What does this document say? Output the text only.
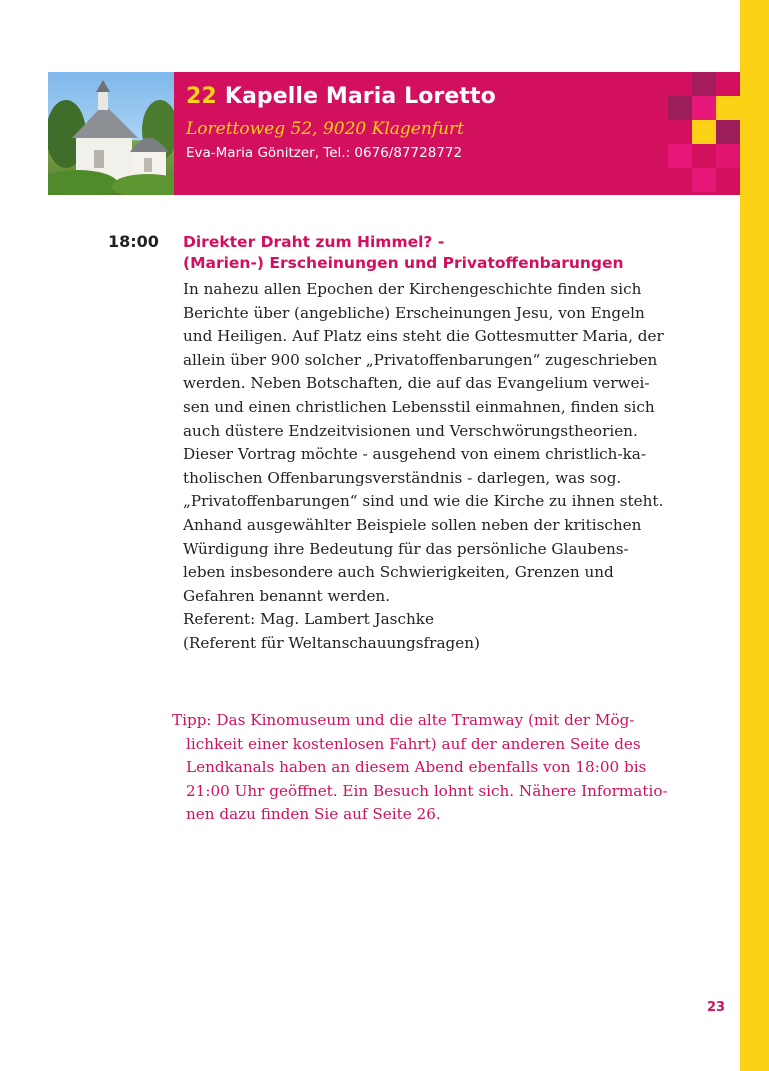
22 Kapelle Maria Loretto
Lorettoweg 52, 9020 Klagenfurt
Eva-Maria Gönitzer, Tel.: 0676/87728772
18:00 Direkter Draht zum Himmel? -
(Marien-) Erscheinungen und Privatoffenbarungen

In nahezu allen Epochen der Kirchengeschichte finden sich

Berichte über (angebliche) Erscheinungen Jesu, von Engeln

und Heiligen. Auf Platz eins steht die Gottesmutter Maria, der

allein über 900 solcher „Privatoffenbarungen“ zugeschrieben

werden. Neben Botschaften, die auf das Evangelium verwei-

sen und einen christlichen Lebensstil einmahnen, finden sich

auch düstere Endzeitvisionen und Verschwörungstheorien.

Dieser Vortrag möchte - ausgehend von einem christlich-ka-

tholischen Offenbarungsverständnis - darlegen, was sog.

„Privatoffenbarungen“ sind und wie die Kirche zu ihnen steht.

Anhand ausgewählter Beispiele sollen neben der kritischen

Würdigung ihre Bedeutung für das persönliche Glaubens-

leben insbesondere auch Schwierigkeiten, Grenzen und

Gefahren benannt werden.

Referent: Mag. Lambert Jaschke

(Referent für Weltanschauungsfragen)

Tipp: Das Kinomuseum und die alte Tramway (mit der Mög-

lichkeit einer kostenlosen Fahrt) auf der anderen Seite des

Lendkanals haben an diesem Abend ebenfalls von 18:00 bis

21:00 Uhr geöffnet. Ein Besuch lohnt sich. Nähere Informatio-

nen dazu finden Sie auf Seite 26.

23
